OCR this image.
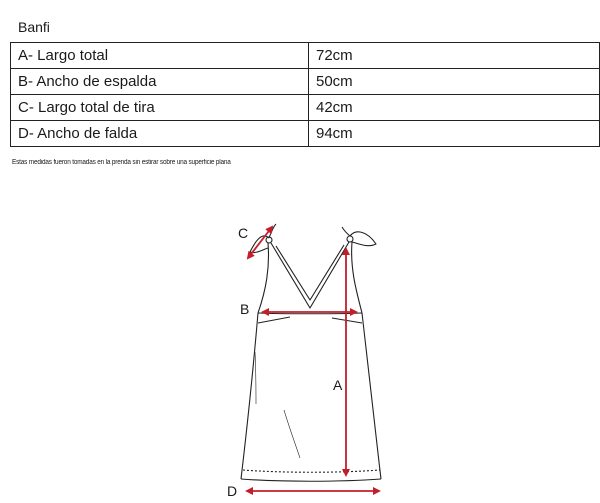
Banfi
A- Largo total	72cm
B- Ancho de espalda	50cm
C- Largo total de tira	42cm
D- Ancho de falda	94cm
Estas medidas fueron tomadas en la prenda sin estirar sobre una superficie plana
C
B
A
D
